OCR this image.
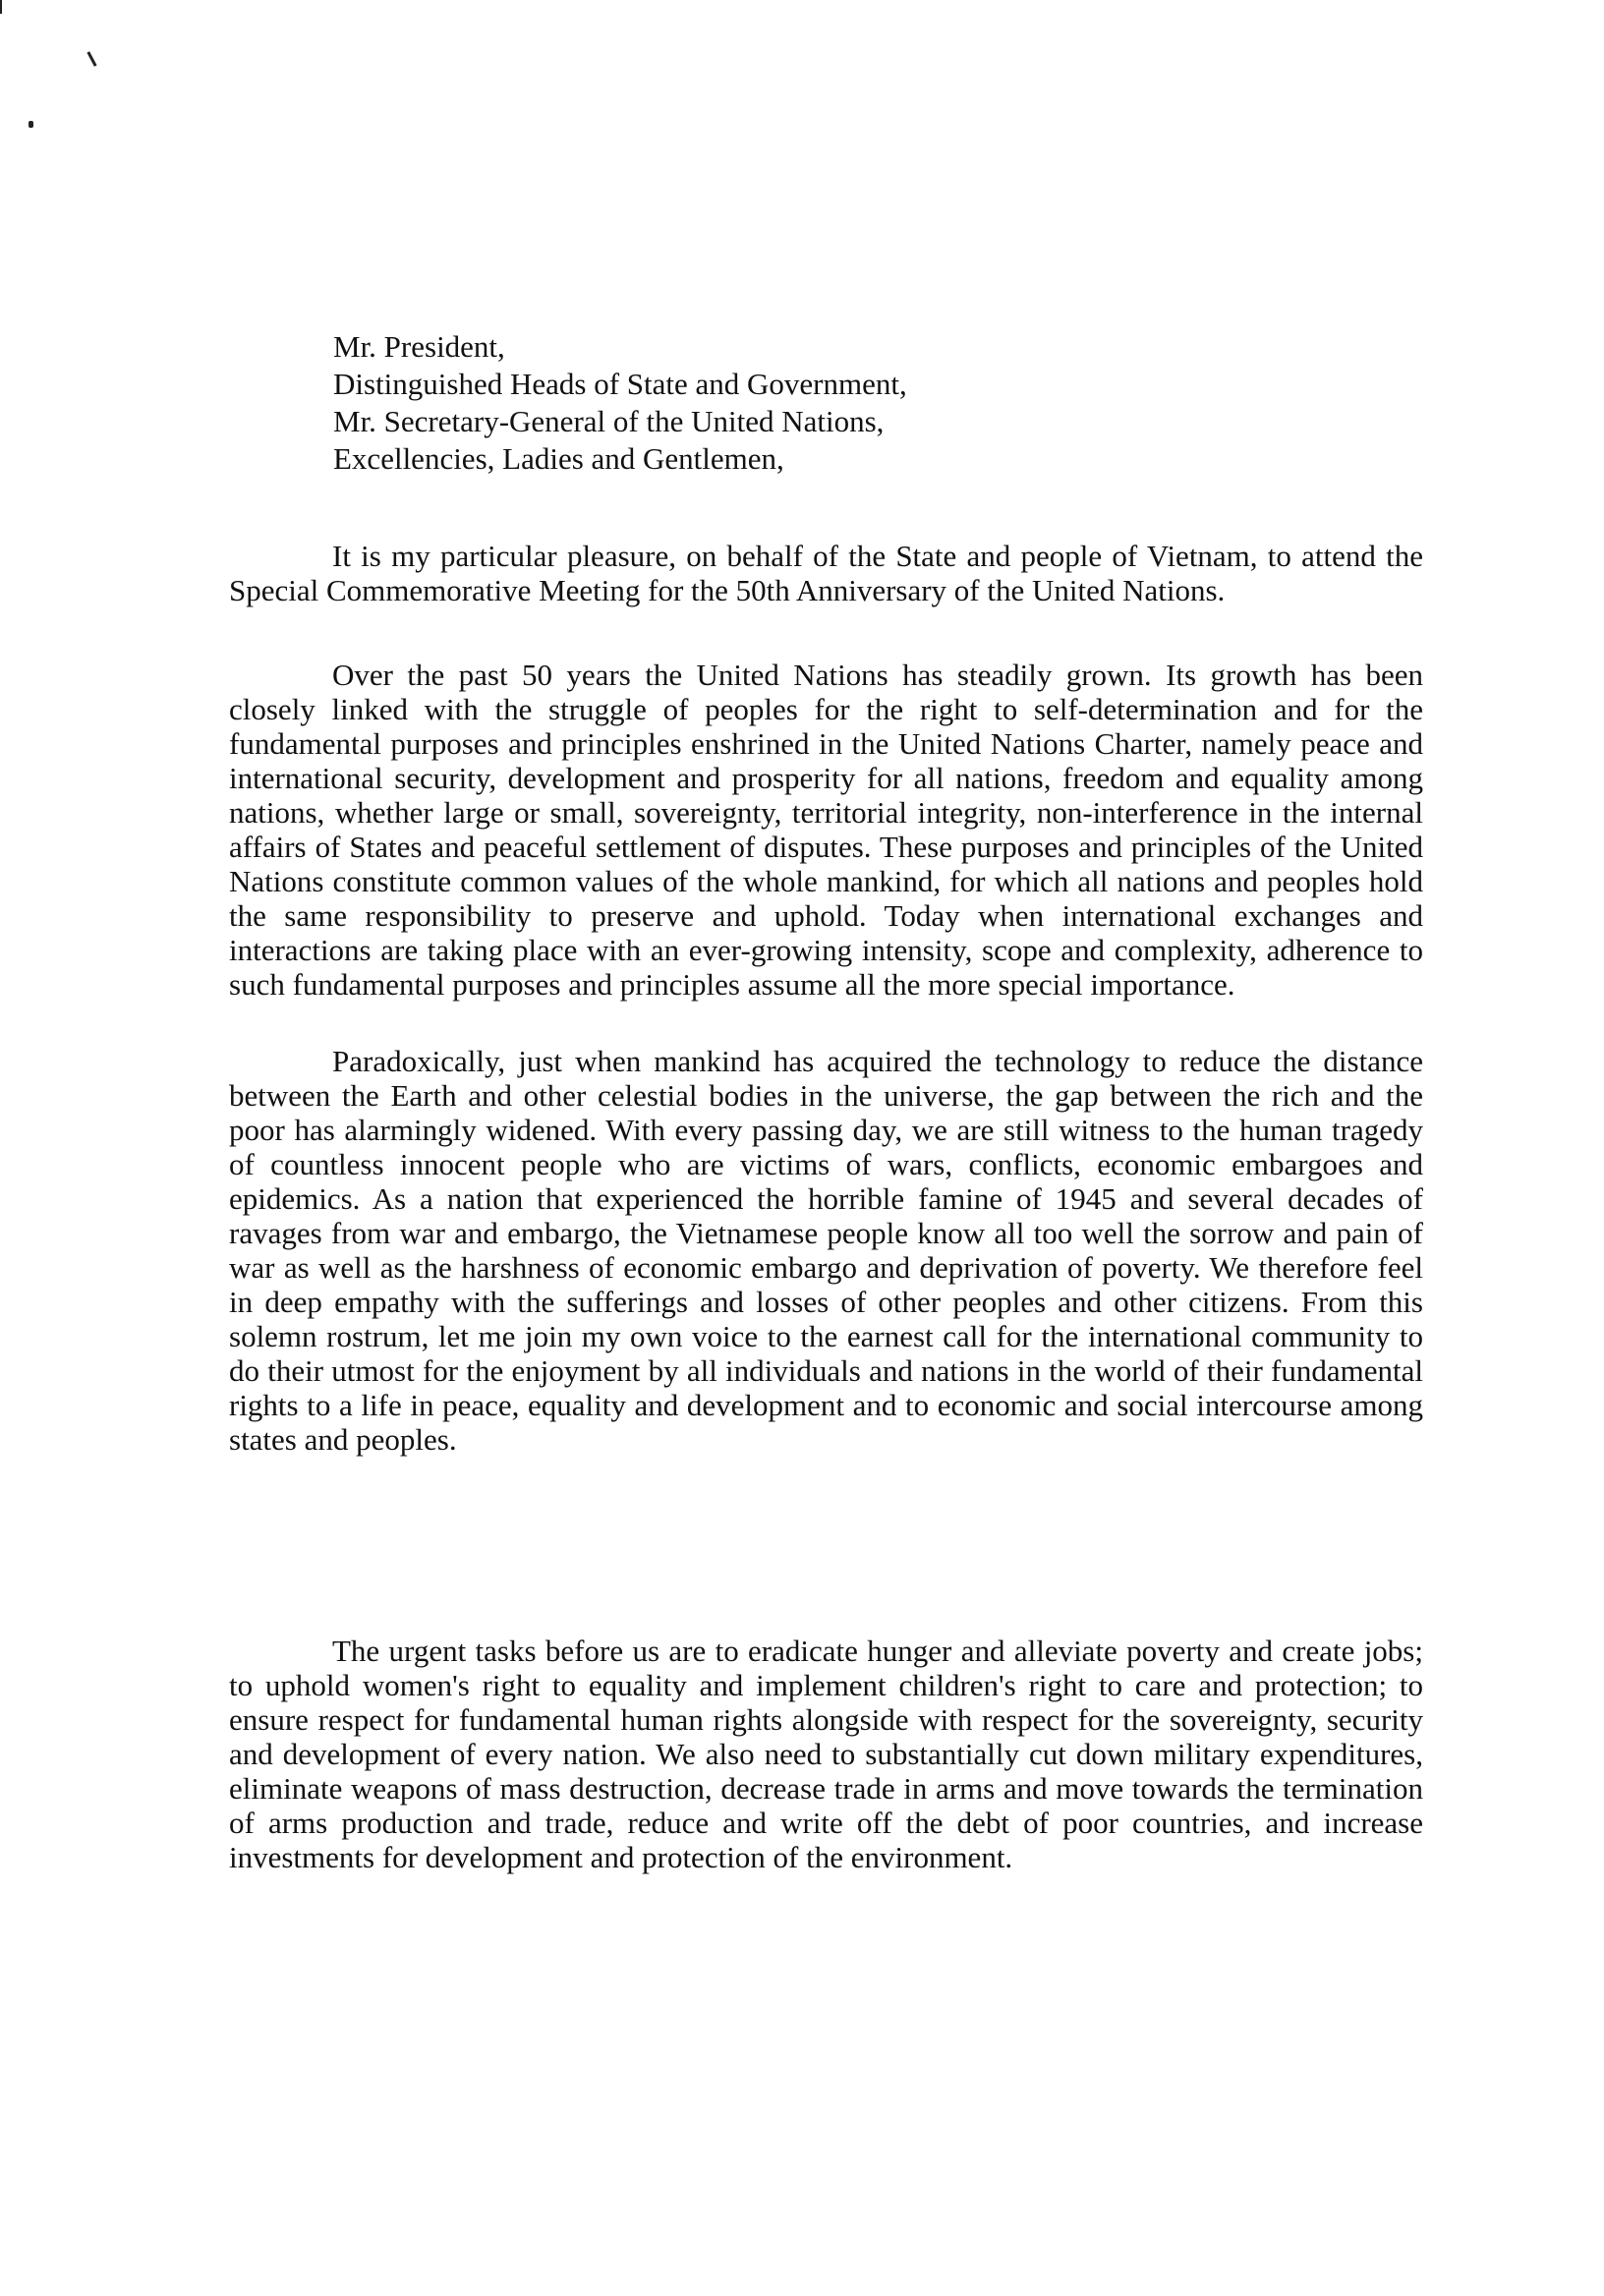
Mr. President,
Distinguished Heads of State and Government,
Mr. Secretary-General of the United Nations,
Excellencies, Ladies and Gentlemen,

It is my particular pleasure, on behalf of the State and people of Vietnam, to attend the Special Commemorative Meeting for the 50th Anniversary of the United Nations.

Over the past 50 years the United Nations has steadily grown. Its growth has been closely linked with the struggle of peoples for the right to self-determination and for the fundamental purposes and principles enshrined in the United Nations Charter, namely peace and international security, development and prosperity for all nations, freedom and equality among nations, whether large or small, sovereignty, territorial integrity, non-interference in the internal affairs of States and peaceful settlement of disputes. These purposes and principles of the United Nations constitute common values of the whole mankind, for which all nations and peoples hold the same responsibility to preserve and uphold. Today when international exchanges and interactions are taking place with an ever-growing intensity, scope and complexity, adherence to such fundamental purposes and principles assume all the more special importance.

Paradoxically, just when mankind has acquired the technology to reduce the distance between the Earth and other celestial bodies in the universe, the gap between the rich and the poor has alarmingly widened. With every passing day, we are still witness to the human tragedy of countless innocent people who are victims of wars, conflicts, economic embargoes and epidemics. As a nation that experienced the horrible famine of 1945 and several decades of ravages from war and embargo, the Vietnamese people know all too well the sorrow and pain of war as well as the harshness of economic embargo and deprivation of poverty. We therefore feel in deep empathy with the sufferings and losses of other peoples and other citizens. From this solemn rostrum, let me join my own voice to the earnest call for the international community to do their utmost for the enjoyment by all individuals and nations in the world of their fundamental rights to a life in peace, equality and development and to economic and social intercourse among states and peoples.

The urgent tasks before us are to eradicate hunger and alleviate poverty and create jobs; to uphold women's right to equality and implement children's right to care and protection; to ensure respect for fundamental human rights alongside with respect for the sovereignty, security and development of every nation. We also need to substantially cut down military expenditures, eliminate weapons of mass destruction, decrease trade in arms and move towards the termination of arms production and trade, reduce and write off the debt of poor countries, and increase investments for development and protection of the environment.
